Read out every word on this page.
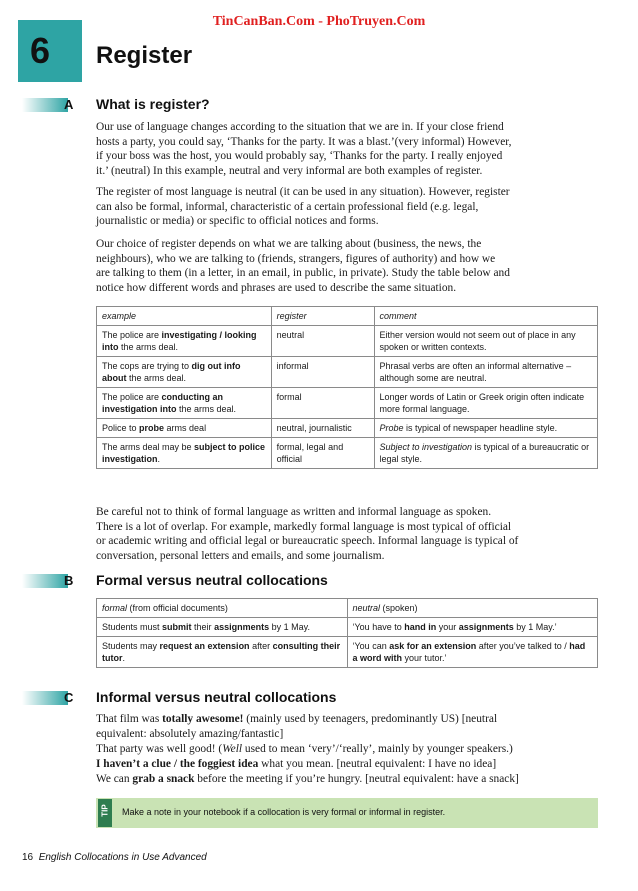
TinCanBan.Com - PhoTruyen.Com
6 Register
A What is register?
Our use of language changes according to the situation that we are in. If your close friend
hosts a party, you could say, ‘Thanks for the party. It was a blast.’(very informal) However,
if your boss was the host, you would probably say, ‘Thanks for the party. I really enjoyed
it.’ (neutral) In this example, neutral and very informal are both examples of register.
The register of most language is neutral (it can be used in any situation). However, register
can also be formal, informal, characteristic of a certain professional field (e.g. legal,
journalistic or media) or specific to official notices and forms.
Our choice of register depends on what we are talking about (business, the news, the
neighbours), who we are talking to (friends, strangers, figures of authority) and how we
are talking to them (in a letter, in an email, in public, in private). Study the table below and
notice how different words and phrases are used to describe the same situation.
example	register	comment
The police are investigating / looking into the arms deal.	neutral	Either version would not seem out of place in any spoken or written contexts.
The cops are trying to dig out info about the arms deal.	informal	Phrasal verbs are often an informal alternative – although some are neutral.
The police are conducting an investigation into the arms deal.	formal	Longer words of Latin or Greek origin often indicate more formal language.
Police to probe arms deal	neutral, journalistic	Probe is typical of newspaper headline style.
The arms deal may be subject to police investigation.	formal, legal and official	Subject to investigation is typical of a bureaucratic or legal style.
Be careful not to think of formal language as written and informal language as spoken.
There is a lot of overlap. For example, markedly formal language is most typical of official
or academic writing and official legal or bureaucratic speech. Informal language is typical of
conversation, personal letters and emails, and some journalism.
B Formal versus neutral collocations
formal (from official documents)	neutral (spoken)
Students must submit their assignments by 1 May.	‘You have to hand in your assignments by 1 May.’
Students may request an extension after consulting their tutor.	‘You can ask for an extension after you’ve talked to / had a word with your tutor.’
C Informal versus neutral collocations
That film was totally awesome! (mainly used by teenagers, predominantly US) [neutral
equivalent: absolutely amazing/fantastic]
That party was well good! (Well used to mean ‘very’/‘really’, mainly by younger speakers.)
I haven’t a clue / the foggiest idea what you mean. [neutral equivalent: I have no idea]
We can grab a snack before the meeting if you’re hungry. [neutral equivalent: have a snack]
TIP Make a note in your notebook if a collocation is very formal or informal in register.
16 English Collocations in Use Advanced
